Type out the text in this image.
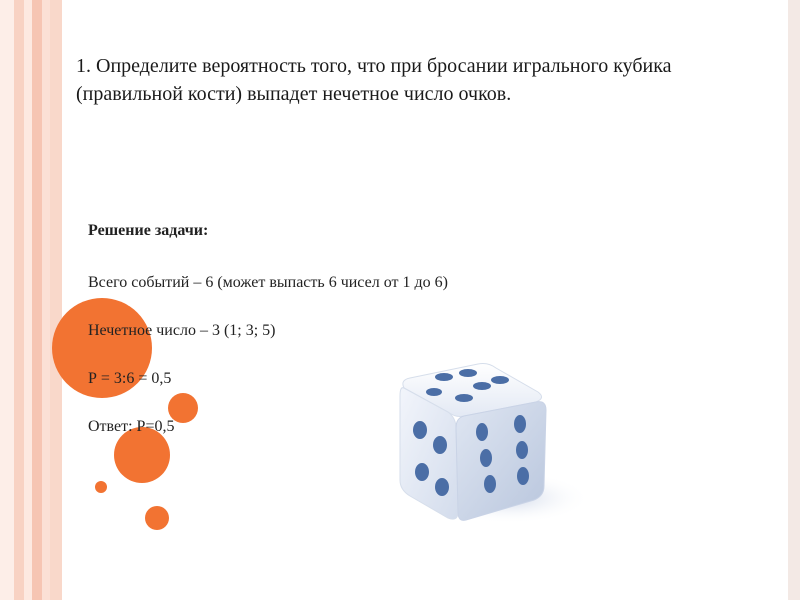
1. Определите вероятность того, что при бросании игрального кубика (правильной кости) выпадет нечетное число очков.

Решение задачи:

Всего событий – 6 (может выпасть 6 чисел от 1 до 6)

Нечетное число – 3 (1; 3; 5)

Р = 3:6 = 0,5

Ответ: Р=0,5
